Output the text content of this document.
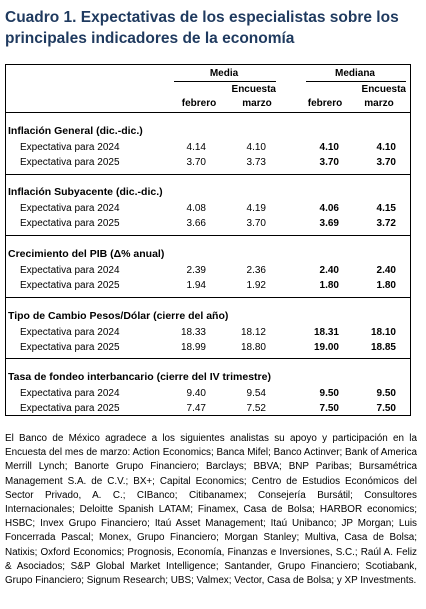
Cuadro 1. Expectativas de los especialistas sobre los principales indicadores de la economía
Media	Mediana
Encuesta	Encuesta
febrero	marzo	febrero	marzo
Inflación General (dic.-dic.)
Expectativa para 2024	4.14	4.10	4.10	4.10
Expectativa para 2025	3.70	3.73	3.70	3.70
Inflación Subyacente (dic.-dic.)
Expectativa para 2024	4.08	4.19	4.06	4.15
Expectativa para 2025	3.66	3.70	3.69	3.72
Crecimiento del PIB (Δ% anual)
Expectativa para 2024	2.39	2.36	2.40	2.40
Expectativa para 2025	1.94	1.92	1.80	1.80
Tipo de Cambio Pesos/Dólar (cierre del año)
Expectativa para 2024	18.33	18.12	18.31	18.10
Expectativa para 2025	18.99	18.80	19.00	18.85
Tasa de fondeo interbancario (cierre del IV trimestre)
Expectativa para 2024	9.40	9.54	9.50	9.50
Expectativa para 2025	7.47	7.52	7.50	7.50

El Banco de México agradece a los siguientes analistas su apoyo y participación en la Encuesta del mes de marzo: Action Economics; Banca Mifel; Banco Actinver; Bank of America Merrill Lynch; Banorte Grupo Financiero; Barclays; BBVA; BNP Paribas; Bursamétrica Management S.A. de C.V.; BX+; Capital Economics; Centro de Estudios Económicos del Sector Privado, A. C.; CIBanco; Citibanamex; Consejería Bursátil; Consultores Internacionales; Deloitte Spanish LATAM; Finamex, Casa de Bolsa; HARBOR economics; HSBC; Invex Grupo Financiero; Itaú Asset Management; Itaú Unibanco; JP Morgan; Luis Foncerrada Pascal; Monex, Grupo Financiero; Morgan Stanley; Multiva, Casa de Bolsa; Natixis; Oxford Economics; Prognosis, Economía, Finanzas e Inversiones, S.C.; Raúl A. Feliz & Asociados; S&P Global Market Intelligence; Santander, Grupo Financiero; Scotiabank, Grupo Financiero; Signum Research; UBS; Valmex; Vector, Casa de Bolsa; y XP Investments.
